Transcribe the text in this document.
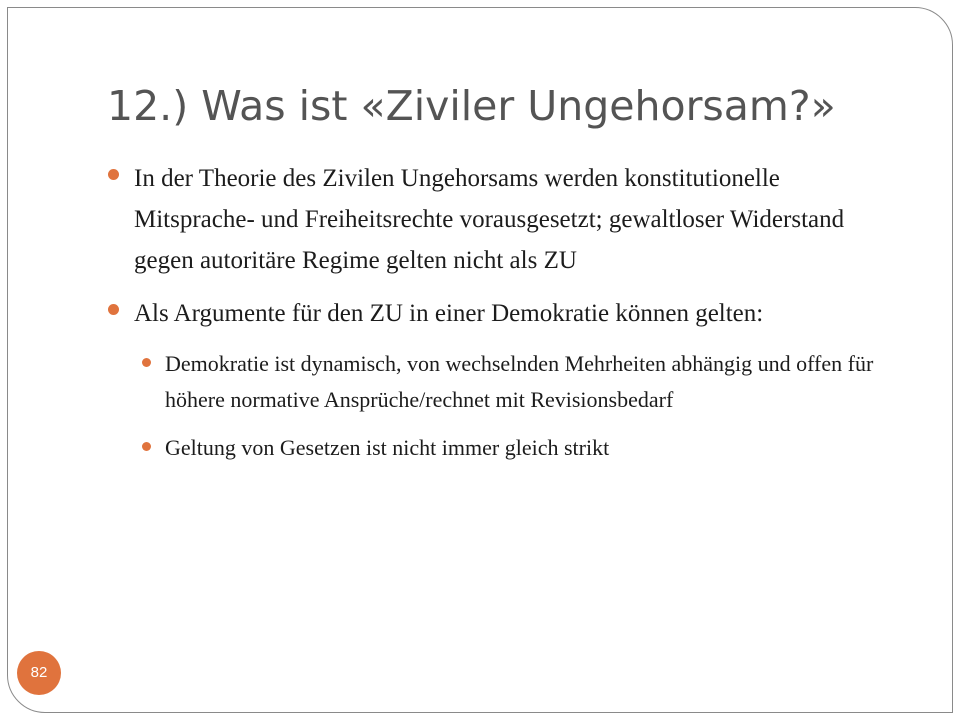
12.) Was ist «Ziviler Ungehorsam?»
In der Theorie des Zivilen Ungehorsams werden konstitutionelle Mitsprache- und Freiheitsrechte vorausgesetzt; gewaltloser Widerstand gegen autoritäre Regime gelten nicht als ZU
Als Argumente für den ZU in einer Demokratie können gelten:
Demokratie ist dynamisch, von wechselnden Mehrheiten abhängig und offen für höhere normative Ansprüche/rechnet mit Revisionsbedarf
Geltung von Gesetzen ist nicht immer gleich strikt
82
